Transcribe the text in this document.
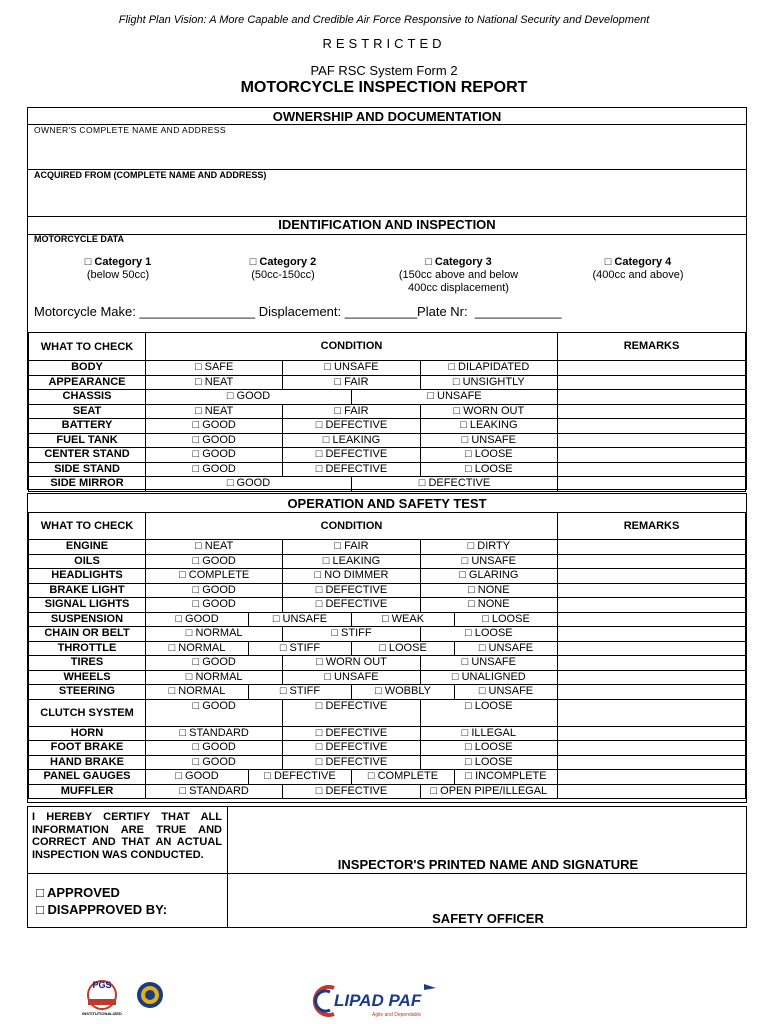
Flight Plan Vision: A More Capable and Credible Air Force Responsive to National Security and Development
RESTRICTED
PAF RSC System Form 2
MOTORCYCLE INSPECTION REPORT
OWNERSHIP AND DOCUMENTATION
OWNER'S COMPLETE NAME AND ADDRESS
ACQUIRED FROM (COMPLETE NAME AND ADDRESS)
IDENTIFICATION AND INSPECTION
MOTORCYCLE DATA
□ Category 1
(below 50cc)
□ Category 2
(50cc-150cc)
□ Category 3
(150cc above and below 400cc displacement)
□ Category 4
(400cc and above)
Motorcycle Make: ________________ Displacement: __________Plate Nr:  ____________
WHAT TO CHECK	CONDITION	REMARKS
BODY	□ SAFE □ UNSAFE □ DILAPIDATED	

APPEARANCE	□ NEAT □ FAIR □ UNSIGHTLY	

CHASSIS	□ GOOD □ UNSAFE	

SEAT	□ NEAT □ FAIR □ WORN OUT	

BATTERY	□ GOOD □ DEFECTIVE □ LEAKING	

FUEL TANK	□ GOOD □ LEAKING □ UNSAFE	

CENTER STAND	□ GOOD □ DEFECTIVE □ LOOSE	

SIDE STAND	□ GOOD □ DEFECTIVE □ LOOSE	

SIDE MIRROR	□ GOOD □ DEFECTIVE	

OPERATION AND SAFETY TEST
WHAT TO CHECK	CONDITION	REMARKS
ENGINE	□ NEAT □ FAIR □ DIRTY	

OILS	□ GOOD □ LEAKING □ UNSAFE	

HEADLIGHTS	□ COMPLETE □ NO DIMMER □ GLARING	

BRAKE LIGHT	□ GOOD □ DEFECTIVE □ NONE	

SIGNAL LIGHTS	□ GOOD □ DEFECTIVE □ NONE	

SUSPENSION	□ GOOD □ UNSAFE □ WEAK □ LOOSE	

CHAIN OR BELT	□ NORMAL □ STIFF □ LOOSE	

THROTTLE	□ NORMAL □ STIFF □ LOOSE □ UNSAFE	

TIRES	□ GOOD □ WORN OUT □ UNSAFE	

WHEELS	□ NORMAL □ UNSAFE □ UNALIGNED	

STEERING	□ NORMAL □ STIFF □ WOBBLY □ UNSAFE	

CLUTCH SYSTEM	□ GOOD □ DEFECTIVE □ LOOSE	

HORN	□ STANDARD □ DEFECTIVE □ ILLEGAL	

FOOT BRAKE	□ GOOD □ DEFECTIVE □ LOOSE	

HAND BRAKE	□ GOOD □ DEFECTIVE □ LOOSE	

PANEL GAUGES	□ GOOD □ DEFECTIVE □ COMPLETE □ INCOMPLETE	

MUFFLER	□ STANDARD □ DEFECTIVE □ OPEN PIPE/ILLEGAL	

I HEREBY CERTIFY THAT ALL INFORMATION ARE TRUE AND CORRECT AND THAT AN ACTUAL INSPECTION WAS CONDUCTED.
INSPECTOR'S PRINTED NAME AND SIGNATURE
□ APPROVED
□ DISAPPROVED BY:
SAFETY OFFICER
PGS
INSTITUTIONALIZED
LIPAD PAF
Agile and Dependable
